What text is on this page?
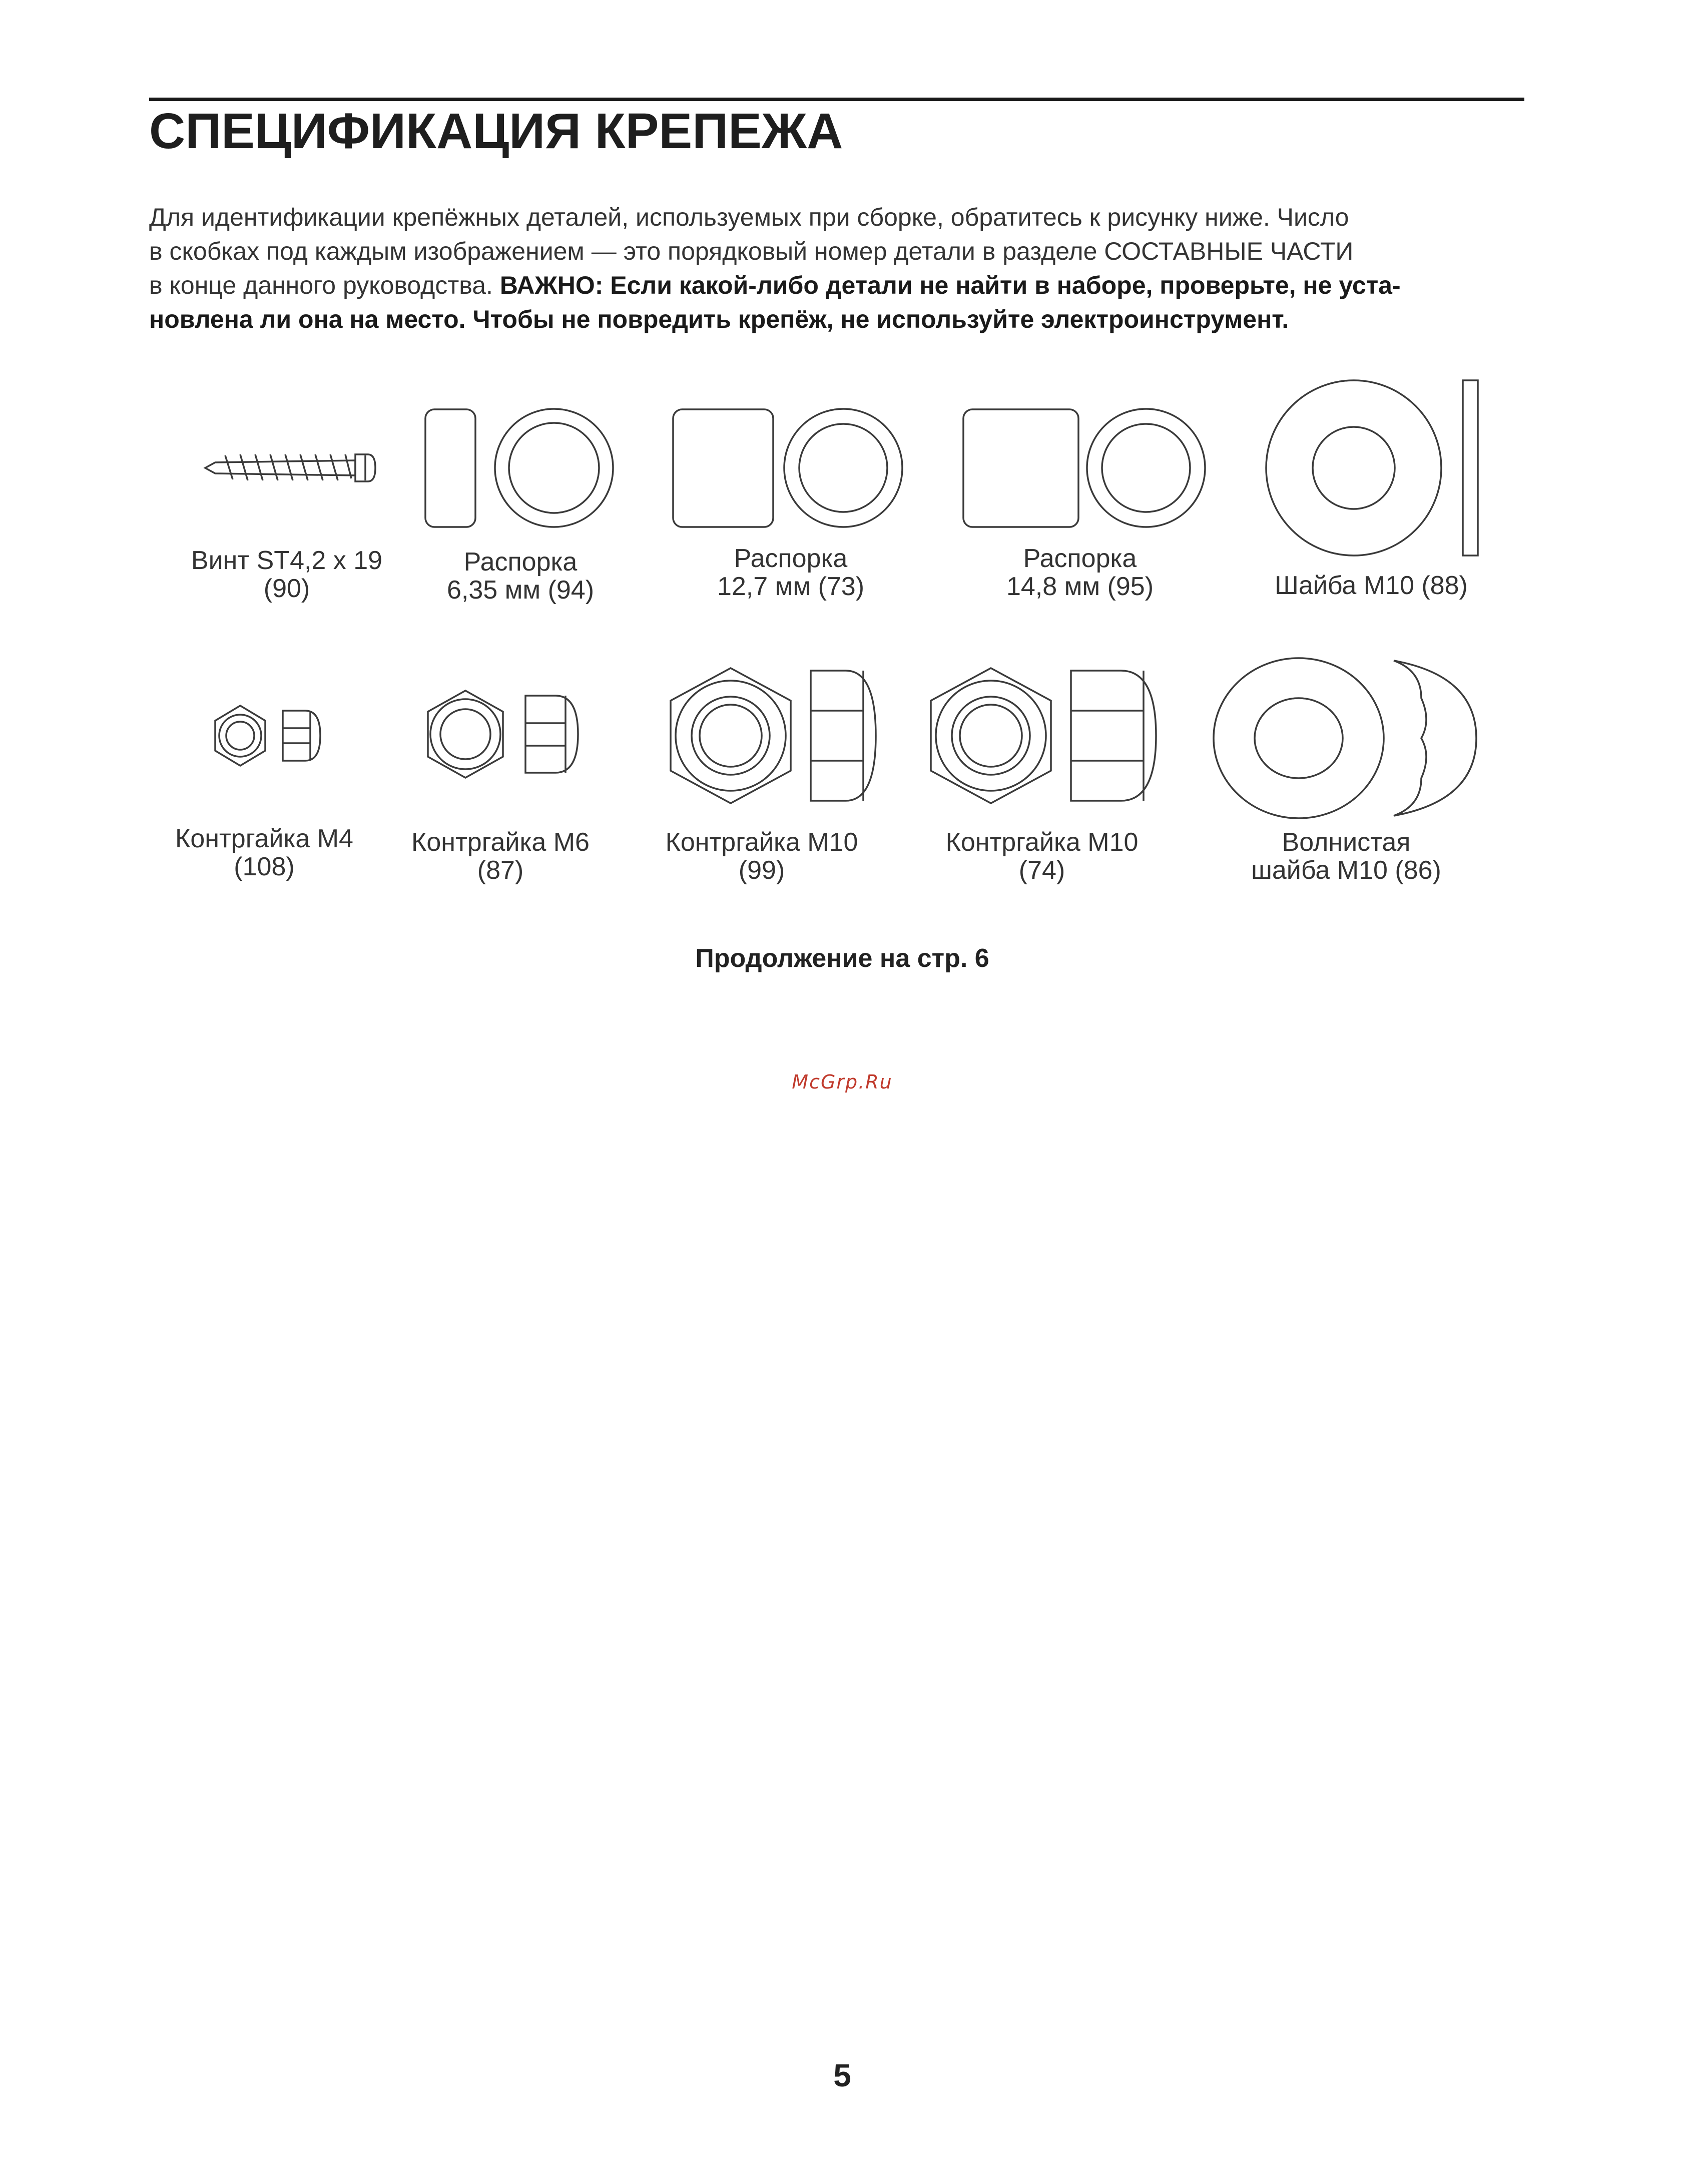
СПЕЦИФИКАЦИЯ КРЕПЕЖА

Для идентификации крепёжных деталей, используемых при сборке, обратитесь к рисунку ниже. Число

в скобках под каждым изображением — это порядковый номер детали в разделе СОСТАВНЫЕ ЧАСТИ

в конце данного руководства. ВАЖНО: Если какой-либо детали не найти в наборе, проверьте, не уста-

новлена ли она на место. Чтобы не повредить крепёж, не используйте электроинструмент.

Винт ST4,2 x 19
(90)
Распорка
6,35 мм (94)
Распорка
12,7 мм (73)
Распорка
14,8 мм (95)	Шайба M10 (88)
Контргайка M4
(108)
Контргайка M6
(87)
Контргайка M10
(99)
Контргайка M10
(74)
Волнистая
шайба M10 (86)
Продолжение на стр. 6
McGrp.Ru
5
